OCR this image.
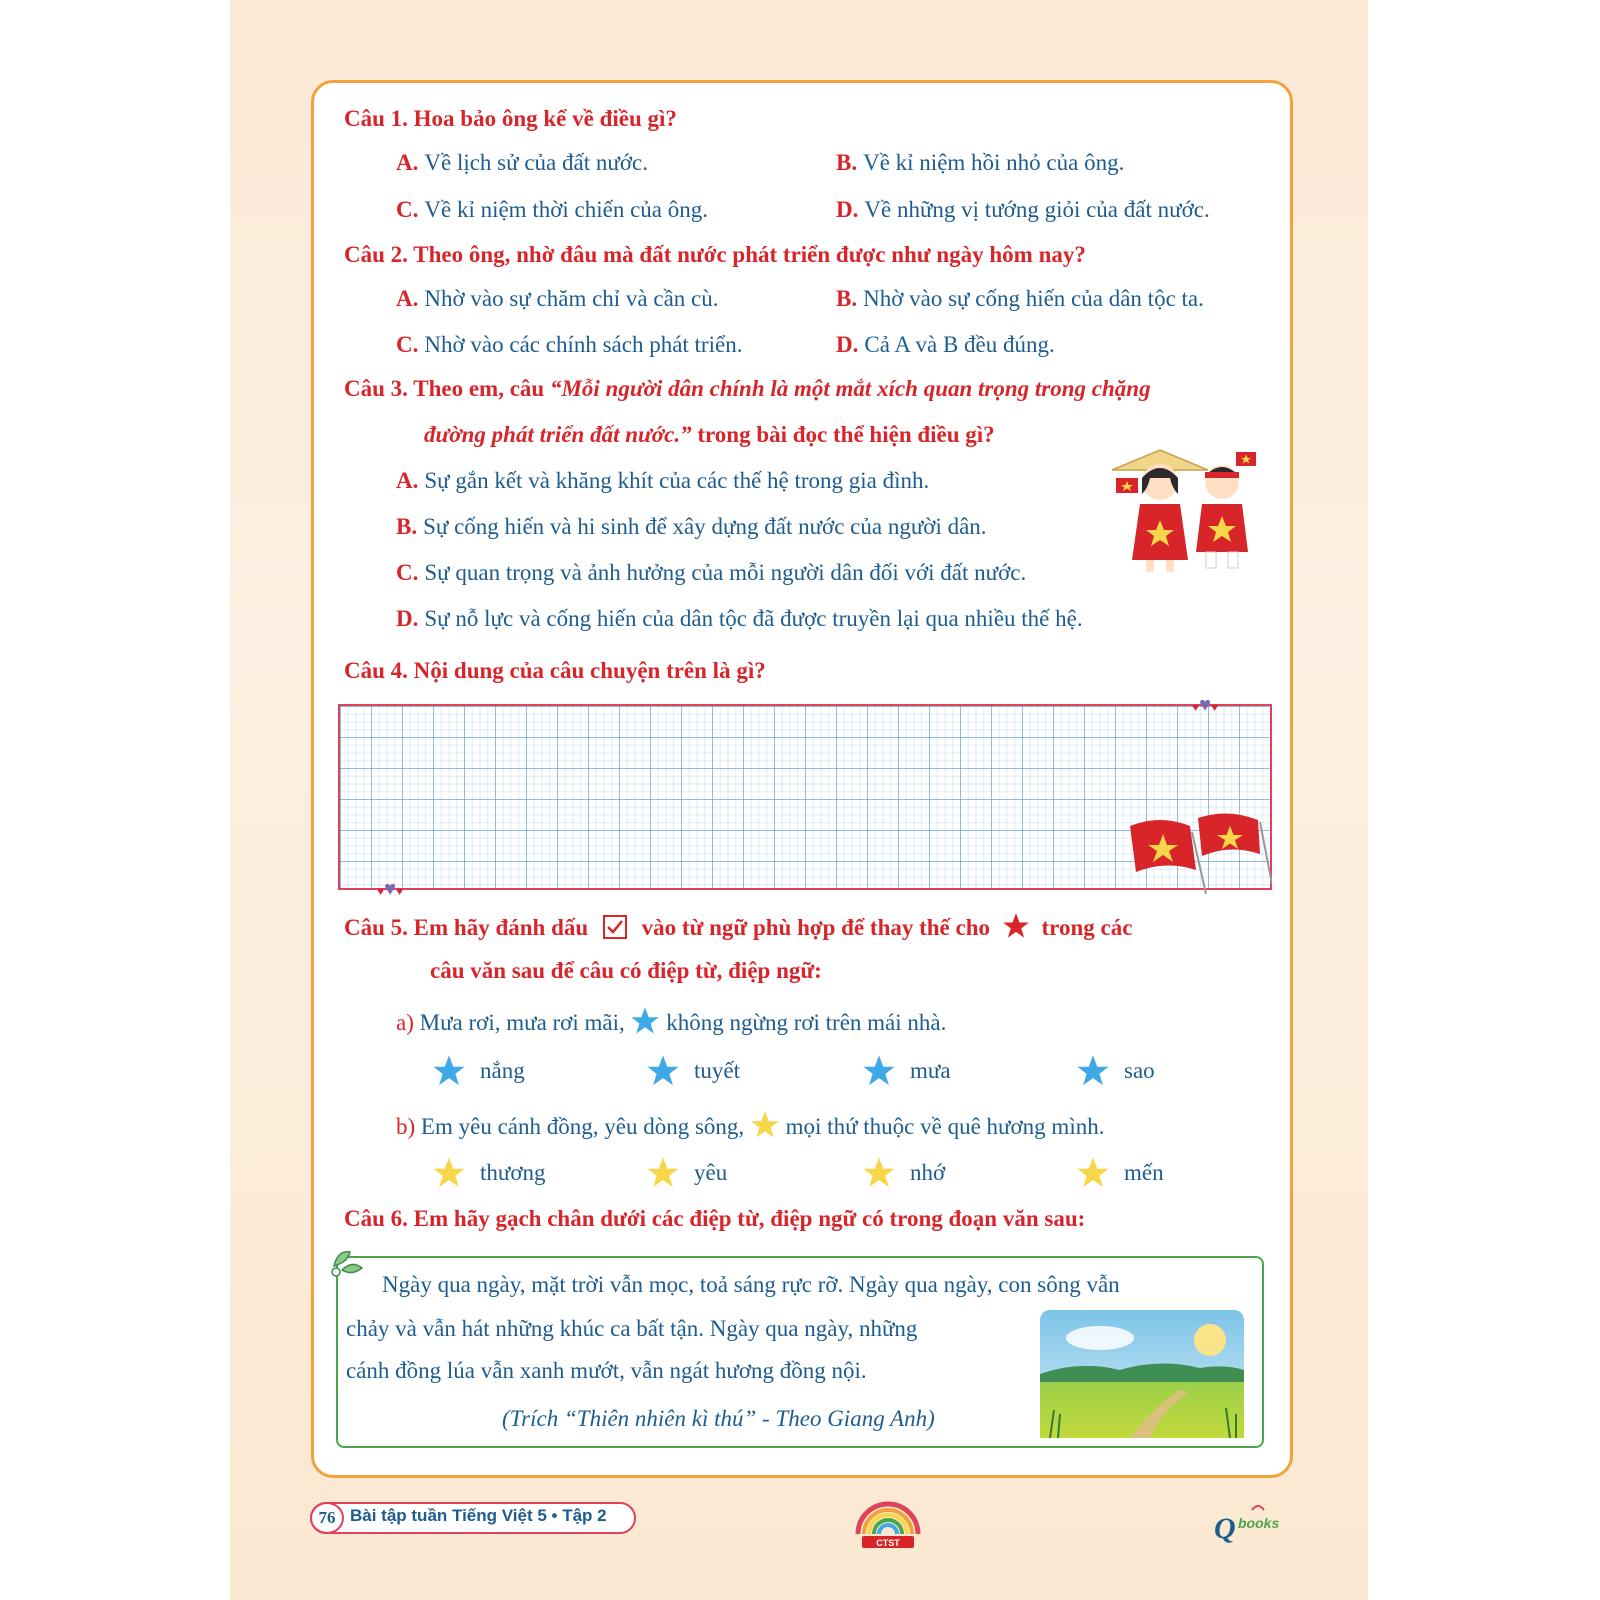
Câu 1. Hoa bảo ông kể về điều gì?
A. Về lịch sử của đất nước.	B. Về kỉ niệm hồi nhỏ của ông.
C. Về kỉ niệm thời chiến của ông.	D. Về những vị tướng giỏi của đất nước.
Câu 2. Theo ông, nhờ đâu mà đất nước phát triển được như ngày hôm nay?
A. Nhờ vào sự chăm chỉ và cần cù.	B. Nhờ vào sự cống hiến của dân tộc ta.
C. Nhờ vào các chính sách phát triển.	D. Cả A và B đều đúng.
Câu 3. Theo em, câu “Mỗi người dân chính là một mắt xích quan trọng trong chặng
đường phát triển đất nước.” trong bài đọc thể hiện điều gì?
A. Sự gắn kết và khăng khít của các thế hệ trong gia đình.
B. Sự cống hiến và hi sinh để xây dựng đất nước của người dân.
C. Sự quan trọng và ảnh hưởng của mỗi người dân đối với đất nước.
D. Sự nỗ lực và cống hiến của dân tộc đã được truyền lại qua nhiều thế hệ.
Câu 4. Nội dung của câu chuyện trên là gì?
♥♥♥
♥♥♥
Câu 5. Em hãy đánh dấu vào từ ngữ phù hợp để thay thế cho trong các
câu văn sau để câu có điệp từ, điệp ngữ:
a) Mưa rơi, mưa rơi mãi, không ngừng rơi trên mái nhà.
nắng	tuyết	mưa	sao
b) Em yêu cánh đồng, yêu dòng sông, mọi thứ thuộc về quê hương mình.
thương	yêu	nhớ	mến
Câu 6. Em hãy gạch chân dưới các điệp từ, điệp ngữ có trong đoạn văn sau:
Ngày qua ngày, mặt trời vẫn mọc, toả sáng rực rỡ. Ngày qua ngày, con sông vẫn
chảy và vẫn hát những khúc ca bất tận. Ngày qua ngày, những
cánh đồng lúa vẫn xanh mướt, vẫn ngát hương đồng nội.
(Trích “Thiên nhiên kì thú” - Theo Giang Anh)
76 Bài tập tuần Tiếng Việt 5 • Tập 2
CTST	Q books
